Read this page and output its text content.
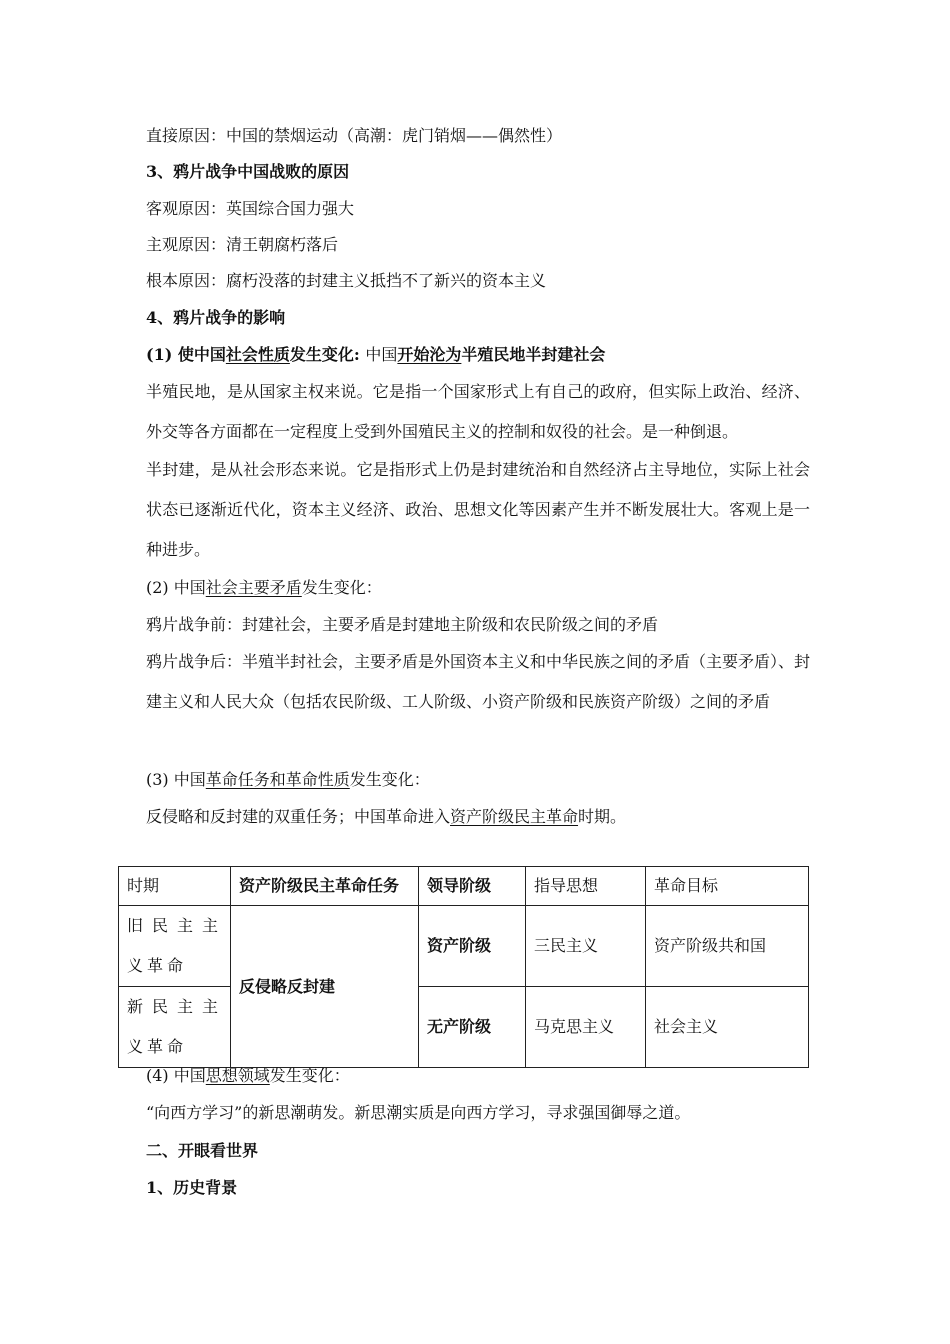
直接原因：中国的禁烟运动（高潮：虎门销烟——偶然性）
3、鸦片战争中国战败的原因
客观原因：英国综合国力强大
主观原因：清王朝腐朽落后
根本原因：腐朽没落的封建主义抵挡不了新兴的资本主义
4、鸦片战争的影响
(1) 使中国社会性质发生变化: 中国开始沦为半殖民地半封建社会
半殖民地，是从国家主权来说。它是指一个国家形式上有自己的政府，但实际上政治、经济、外交等各方面都在一定程度上受到外国殖民主义的控制和奴役的社会。是一种倒退。
半封建，是从社会形态来说。它是指形式上仍是封建统治和自然经济占主导地位，实际上社会状态已逐渐近代化，资本主义经济、政治、思想文化等因素产生并不断发展壮大。客观上是一种进步。
(2) 中国社会主要矛盾发生变化：
鸦片战争前：封建社会，主要矛盾是封建地主阶级和农民阶级之间的矛盾
鸦片战争后：半殖半封社会，主要矛盾是外国资本主义和中华民族之间的矛盾（主要矛盾）、封建主义和人民大众（包括农民阶级、工人阶级、小资产阶级和民族资产阶级）之间的矛盾
(3) 中国革命任务和革命性质发生变化：
反侵略和反封建的双重任务；中国革命进入资产阶级民主革命时期。
时期	资产阶级民主革命任务	领导阶级	指导思想	革命目标
旧民主主义革命	反侵略反封建	资产阶级	三民主义	资产阶级共和国
新民主主义革命		无产阶级	马克思主义	社会主义
(4) 中国思想领域发生变化：
“向西方学习”的新思潮萌发。新思潮实质是向西方学习，寻求强国御辱之道。
二、开眼看世界
1、历史背景
